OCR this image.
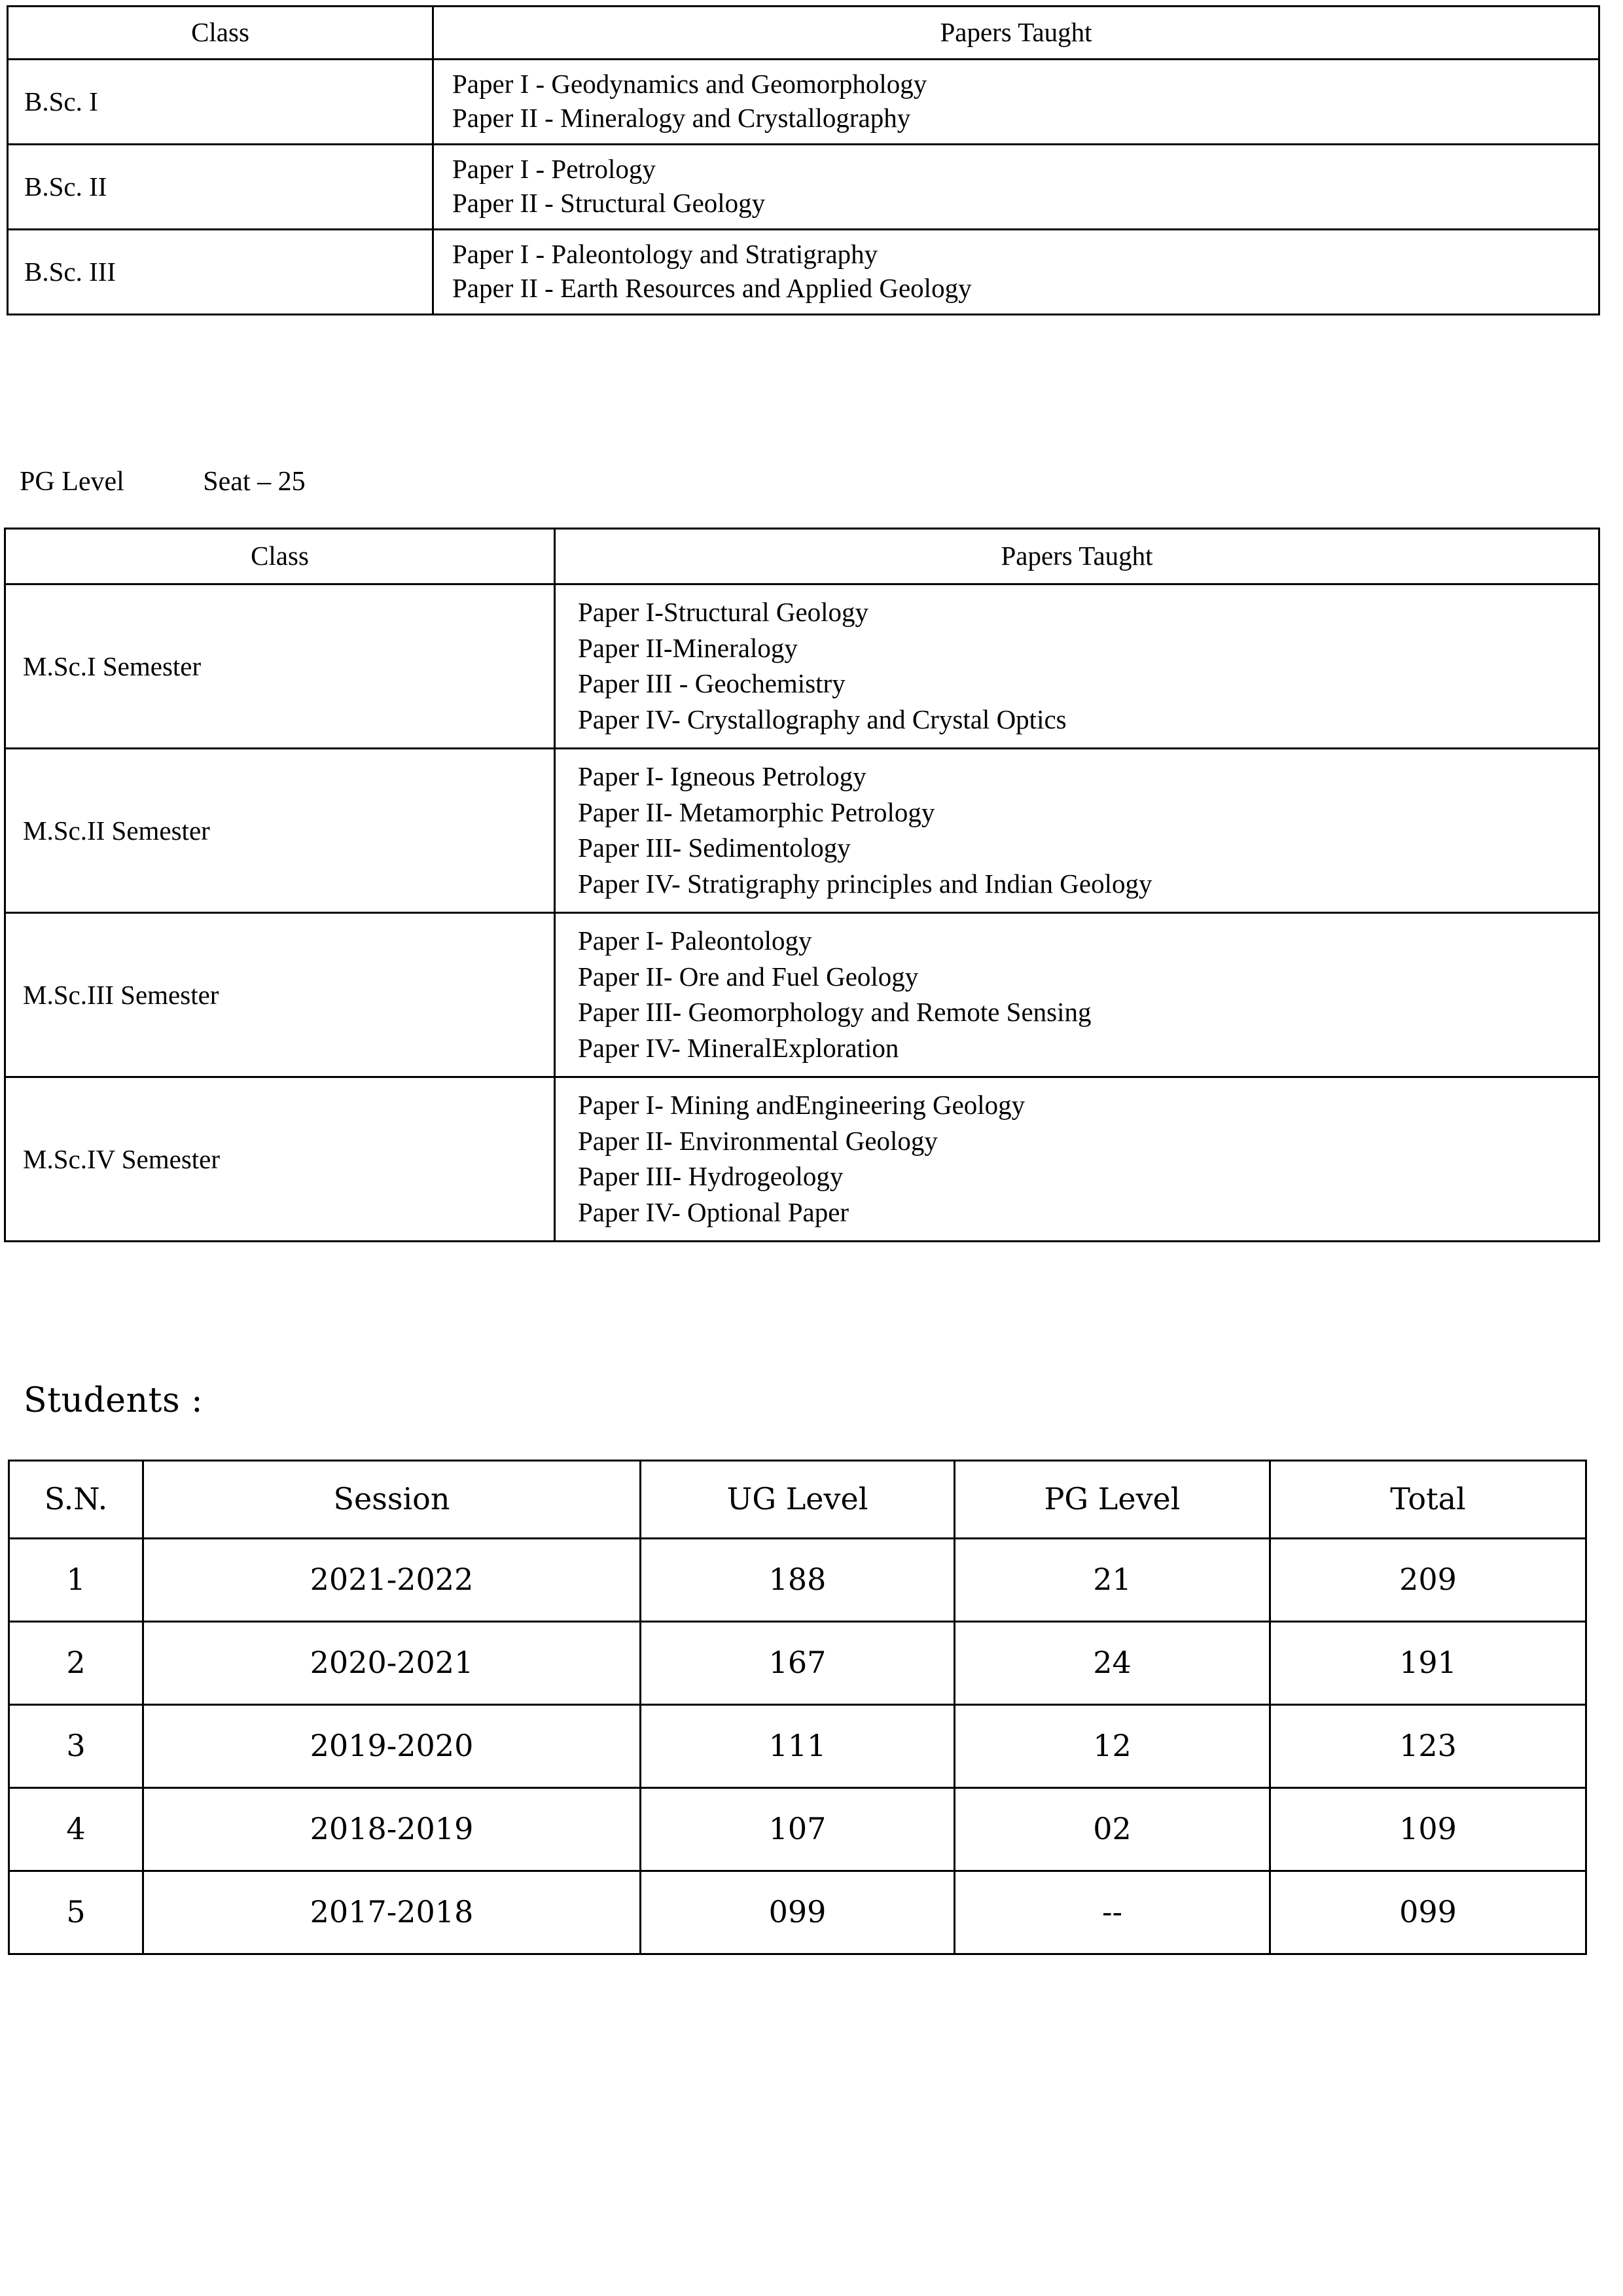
Class	Papers Taught
B.Sc. I	Paper I - Geodynamics and Geomorphology
Paper II - Mineralogy and Crystallography

B.Sc. II	Paper I - Petrology
Paper II - Structural Geology

B.Sc. III	Paper I - Paleontology and Stratigraphy
Paper II - Earth Resources and Applied Geology
PG Level	Seat – 25
Class	Papers Taught
M.Sc.I Semester	Paper I-Structural Geology
Paper II-Mineralogy
Paper III - Geochemistry
Paper IV- Crystallography and Crystal Optics

M.Sc.II Semester	Paper I- Igneous Petrology
Paper II- Metamorphic Petrology
Paper III- Sedimentology
Paper IV- Stratigraphy principles and Indian Geology

M.Sc.III Semester	Paper I- Paleontology
Paper II- Ore and Fuel Geology
Paper III- Geomorphology and Remote Sensing
Paper IV- MineralExploration

M.Sc.IV Semester	Paper I- Mining andEngineering Geology
Paper II- Environmental Geology
Paper III- Hydrogeology
Paper IV- Optional Paper
Students :
S.N.	Session	UG Level	PG Level	Total
1	2021-2022	188	21	209
2	2020-2021	167	24	191
3	2019-2020	111	12	123
4	2018-2019	107	02	109
5	2017-2018	099	--	099
